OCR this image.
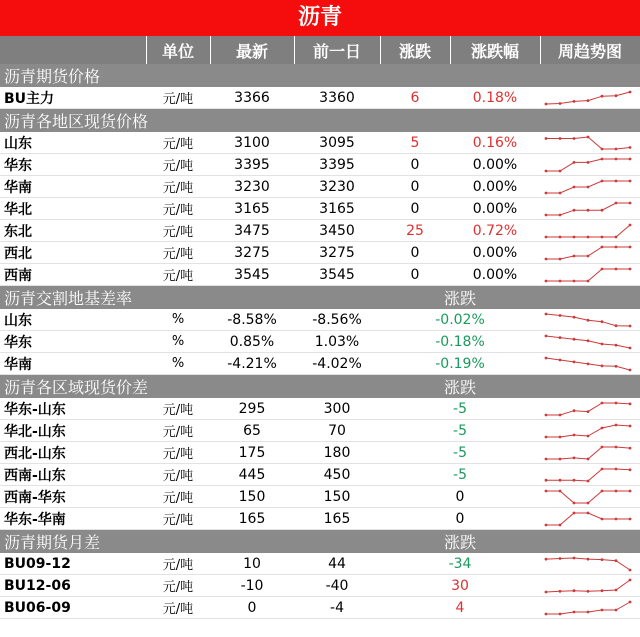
沥青
	单位	最新	前一日	涨跌	涨跌幅	周趋势图
沥青期货价格						
BU主力	元/吨	3366	3360	6	0.18%	

沥青各地区现货价格						
山东	元/吨	3100	3095	5	0.16%	

华东	元/吨	3395	3395	0	0.00%	

华南	元/吨	3230	3230	0	0.00%	

华北	元/吨	3165	3165	0	0.00%	

东北	元/吨	3475	3450	25	0.72%	

西北	元/吨	3275	3275	0	0.00%	

西南	元/吨	3545	3545	0	0.00%	

沥青交割地基差率				涨跌		
山东	%	-8.58%	-8.56%	-0.02%	

华东	%	0.85%	1.03%	-0.18%	

华南	%	-4.21%	-4.02%	-0.19%	

沥青各区域现货价差				涨跌		
华东-山东	元/吨	295	300	-5	

华北-山东	元/吨	65	70	-5	

西北-山东	元/吨	175	180	-5	

西南-山东	元/吨	445	450	-5	

西南-华东	元/吨	150	150	0	

华东-华南	元/吨	165	165	0	

沥青期货月差				涨跌		
BU09-12	元/吨	10	44	-34	

BU12-06	元/吨	-10	-40	30	

BU06-09	元/吨	0	-4	4	
